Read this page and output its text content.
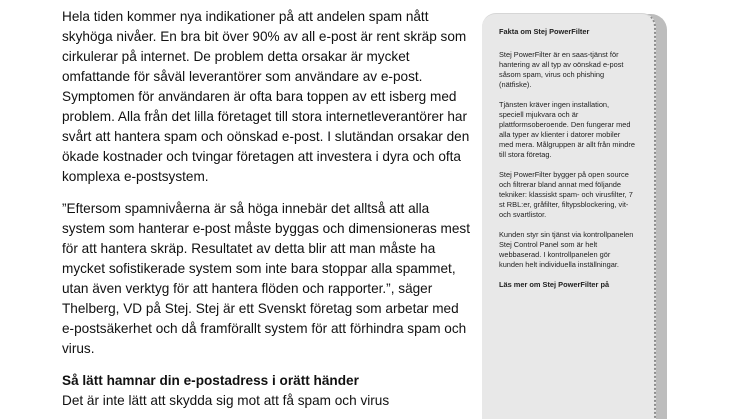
Hela tiden kommer nya indikationer på att andelen spam nått skyhöga nivåer. En bra bit över 90% av all e-post är rent skräp som cirkulerar på internet. De problem detta orsakar är mycket omfattande för såväl leverantörer som användare av e-post. Symptomen för användaren är ofta bara toppen av ett isberg med problem. Alla från det lilla företaget till stora internetleverantörer har svårt att hantera spam och oönskad e-post. I slutändan orsakar den ökade kostnader och tvingar företagen att investera i dyra och ofta komplexa e-postsystem.

”Eftersom spamnivåerna är så höga innebär det alltså att alla system som hanterar e-post måste byggas och dimensioneras mest för att hantera skräp. Resultatet av detta blir att man måste ha mycket sofistikerade system som inte bara stoppar alla spammet, utan även verktyg för att hantera flöden och rapporter.”, säger Thelberg, VD på Stej. Stej är ett Svenskt företag som arbetar med e-postsäkerhet och då framförallt system för att förhindra spam och virus.

Så lätt hamnar din e-postadress i orätt händer

Det är inte lätt att skydda sig mot att få spam och virus

Fakta om Stej PowerFilter

Stej PowerFilter är en saas-tjänst för hantering av all typ av oönskad e-post såsom spam, virus och phishing (nätfiske).

Tjänsten kräver ingen installation, speciell mjukvara och är plattformsoberoende. Den fungerar med alla typer av klienter i datorer mobiler med mera. Målgruppen är allt från mindre till stora företag.

Stej PowerFilter bygger på open source och filtrerar bland annat med följande tekniker: klassiskt spam- och virusfilter, 7 st RBL:er, gråfilter, filtypsblockering, vit- och svartlistor.

Kunden styr sin tjänst via kontrollpanelen Stej Control Panel som är helt webbaserad. I kontrollpanelen gör kunden helt individuella inställningar.

Läs mer om Stej PowerFilter på
